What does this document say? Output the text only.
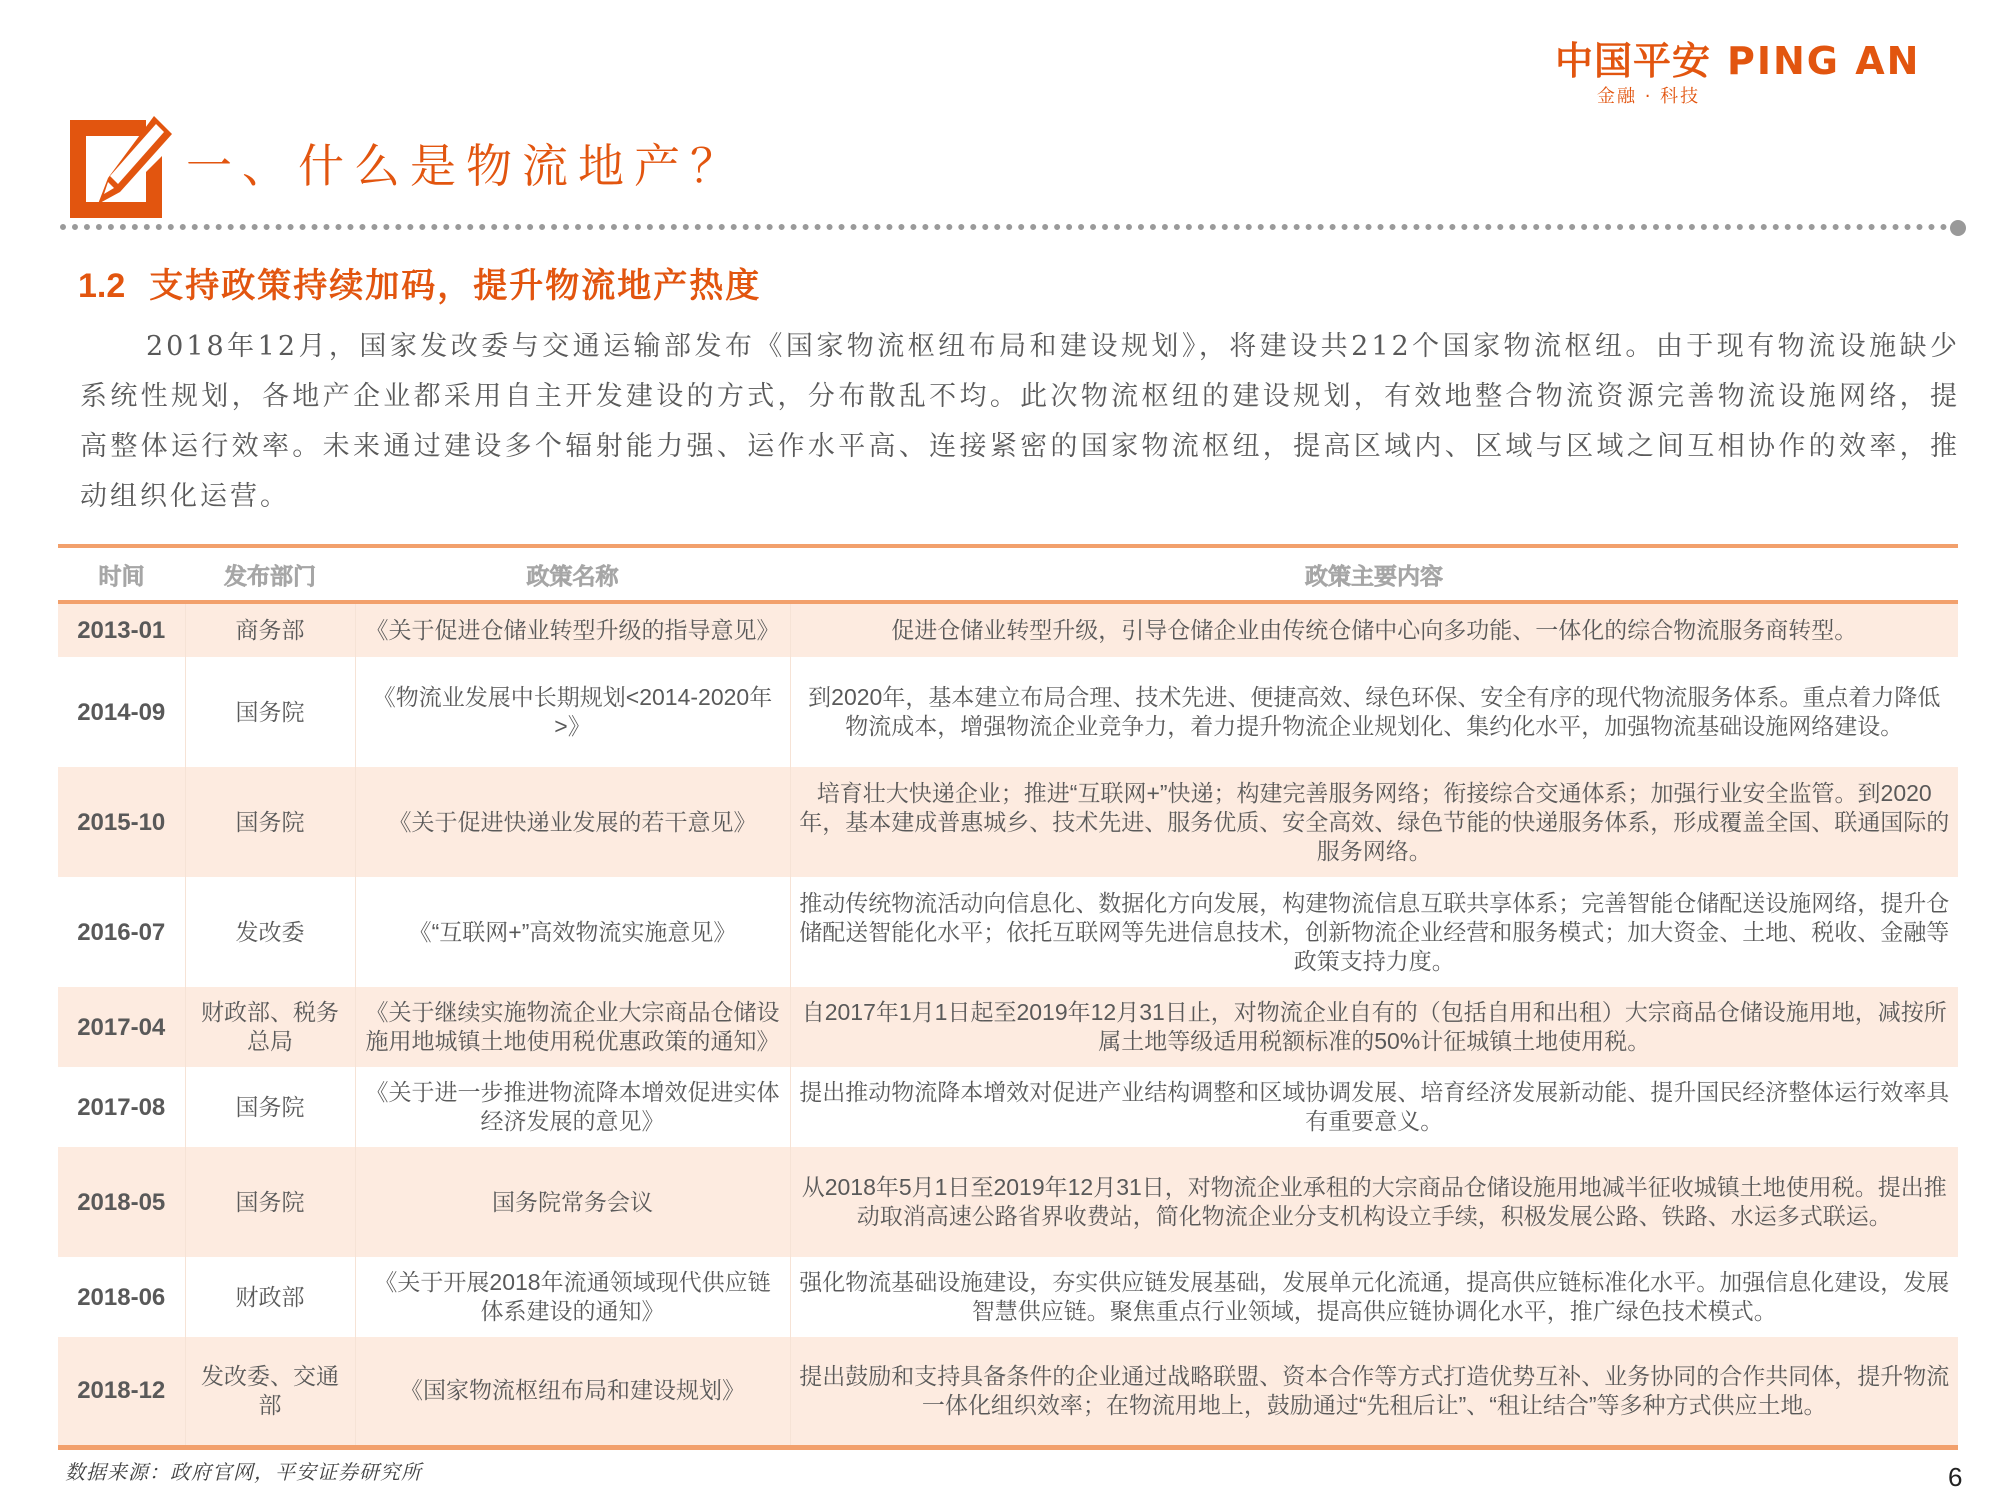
中国平安 PING AN
金融 · 科技
一、什么是物流地产？
1.2 支持政策持续加码，提升物流地产热度
2018年12月，国家发改委与交通运输部发布《国家物流枢纽布局和建设规划》，将建设共212个国家物流枢纽。由于现有物流设施缺少系统性规划，各地产企业都采用自主开发建设的方式，分布散乱不均。此次物流枢纽的建设规划，有效地整合物流资源完善物流设施网络，提高整体运行效率。未来通过建设多个辐射能力强、运作水平高、连接紧密的国家物流枢纽，提高区域内、区域与区域之间互相协作的效率，推动组织化运营。
时间	发布部门	政策名称	政策主要内容
2013-01	商务部	《关于促进仓储业转型升级的指导意见》	促进仓储业转型升级，引导仓储企业由传统仓储中心向多功能、一体化的综合物流服务商转型。
2014-09	国务院	《物流业发展中长期规划<2014-2020年>》	到2020年，基本建立布局合理、技术先进、便捷高效、绿色环保、安全有序的现代物流服务体系。重点着力降低物流成本，增强物流企业竞争力，着力提升物流企业规划化、集约化水平，加强物流基础设施网络建设。
2015-10	国务院	《关于促进快递业发展的若干意见》	培育壮大快递企业；推进“互联网+”快递；构建完善服务网络；衔接综合交通体系；加强行业安全监管。到2020年，基本建成普惠城乡、技术先进、服务优质、安全高效、绿色节能的快递服务体系，形成覆盖全国、联通国际的服务网络。
2016-07	发改委	《“互联网+”高效物流实施意见》	推动传统物流活动向信息化、数据化方向发展，构建物流信息互联共享体系；完善智能仓储配送设施网络，提升仓储配送智能化水平；依托互联网等先进信息技术，创新物流企业经营和服务模式；加大资金、土地、税收、金融等政策支持力度。
2017-04	财政部、税务总局	《关于继续实施物流企业大宗商品仓储设施用地城镇土地使用税优惠政策的通知》	自2017年1月1日起至2019年12月31日止，对物流企业自有的（包括自用和出租）大宗商品仓储设施用地，减按所属土地等级适用税额标准的50%计征城镇土地使用税。
2017-08	国务院	《关于进一步推进物流降本增效促进实体经济发展的意见》	提出推动物流降本增效对促进产业结构调整和区域协调发展、培育经济发展新动能、提升国民经济整体运行效率具有重要意义。
2018-05	国务院	国务院常务会议	从2018年5月1日至2019年12月31日，对物流企业承租的大宗商品仓储设施用地减半征收城镇土地使用税。提出推动取消高速公路省界收费站，简化物流企业分支机构设立手续，积极发展公路、铁路、水运多式联运。
2018-06	财政部	《关于开展2018年流通领域现代供应链体系建设的通知》	强化物流基础设施建设，夯实供应链发展基础，发展单元化流通，提高供应链标准化水平。加强信息化建设，发展智慧供应链。聚焦重点行业领域，提高供应链协调化水平，推广绿色技术模式。
2018-12	发改委、交通部	《国家物流枢纽布局和建设规划》	提出鼓励和支持具备条件的企业通过战略联盟、资本合作等方式打造优势互补、业务协同的合作共同体，提升物流一体化组织效率；在物流用地上，鼓励通过“先租后让”、“租让结合”等多种方式供应土地。
数据来源：政府官网，平安证券研究所	6
